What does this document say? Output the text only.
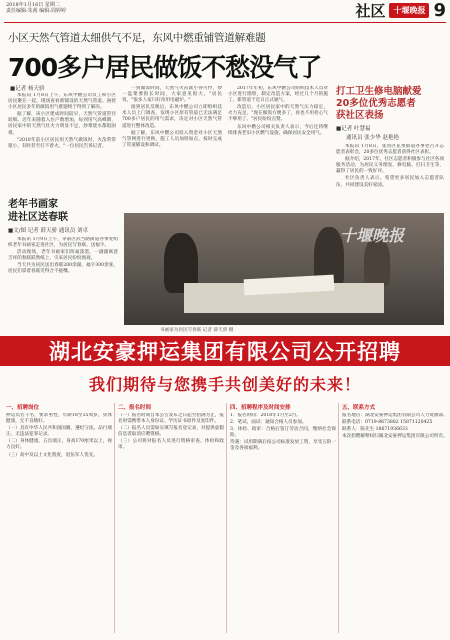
2018年1月16日 星期二
责任编辑:朱茜 编辑:周婷婷	社区	十堰晚报 9
小区天然气管道太细供气不足，东风中燃重铺管道解难题
700多户居民做饭不愁没气了
■记者 杨天骄

本报讯 1月8日上午，东风中燃公司员工和小区居民聚在一起，现场查看新铺设的天然气管道。困扰小区居民多年的做饭用气难题终于得到了解决。

据了解，该小区建成时间较早，天然气管道管径较细。近年来随着入住户数增加，每到用气高峰期，居民家中的天然气灶火力明显不足，炒菜烧水都很困难。

"2018年前小区居民用天然气做饭时，火苗常常很小，有时甚至打不着火。"一位居民告诉记者。

一到做饭时间，天然气火苗就小得可怜，炒一盘菜要很长时间，大家意见很大。"居民说，"很多人家只好改用电磁炉。"

接到居民反映后，东风中燃公司立即组织技术人员上门调查，发现小区原有管道已无法满足700多户居民的用气需求，决定对小区天然气管道进行整体改造。

据了解，东风中燃公司投入资金对小区天然气管网进行更换，施工人员加班加点，按时完成了管道铺设和调试。

2017年年初，东风中燃公司组织技术人员对小区进行勘察，制定改造方案，经过几个月的施工，新管道于近日正式通气。

改造后，小区居民家中的天然气压力稳定，火力充足。"现在做饭方便多了，再也不用担心气不够用了。"居民纷纷点赞。

东风中燃公司相关负责人表示，今后还将继续排查老旧小区燃气设施，确保居民安全用气。

打工卫生修电脑献爱
20多位优秀志愿者
获社区表扬
■记者 叶慧福
通讯员 张少华 赵艳艳

本报讯 1月8日，张湾区花果街道办事处召开志愿者表彰会，20多位优秀志愿者获得社区表彰。

据介绍，2017年，社区志愿者积极参与社区各项服务活动，为居民义务理发、修电脑、打扫卫生等，赢得了居民的一致好评。

社区负责人表示，希望更多居民加入志愿者队伍，共同建设美好家园。

老年书画家
进社区送春联
■文/图 记者 薛天骄 通讯员 刘卓

本报讯 1月9日上午，茅箭区武当路街道办事处组织老年书画家走进社区，为居民写春联、送福字。

活动现场，老年书画家们挥毫泼墨，一副副寓意吉祥的春联跃然纸上，引来居民纷纷围观。

当天共为居民送出春联200余副、福字300余张，居民们拿着春联笑得合不拢嘴。

十堰晚报
书画家为居民写春联 记者 薛天骄 摄
湖北安豪押运集团有限公司公开招聘
我们期待与您携手共创美好的未来！
一、招聘岗位

押运员若干名，要求男性，年龄18至35周岁，身体健康，无不良嗜好。

（一）具有中华人民共和国国籍，遵纪守法，品行端正，无违法犯罪记录。

（二）身体健康，五官端正，身高170厘米以上，视力良好。

（三）高中及以上文化程度，退伍军人优先。

二、报名时间

（一）报名时间自本公告发布之日起至招满为止，报名时需携带本人身份证、学历证书原件及复印件。

（二）报名人员需如实填写报名登记表，对提供虚假信息者取消应聘资格。

（三）公司将对报名人员进行资格审查、体检和政审。

四、招聘程序及时间安排

1．报名时间：2018年1月至2月。

2．笔试、面试：通知合格人员参加。

3．体检、政审：合格后签订劳动合同，缴纳社会保险。

待遇：试用期满后按公司标准发放工资，享受五险一金及各项福利。

五、联系方式

报名地点：湖北安豪押运集团有限公司人力资源部。

联系电话：0719-8673882 15871120425

联系人：陈先生 18671936633

本次招聘解释权归湖北安豪押运集团有限公司所有。
